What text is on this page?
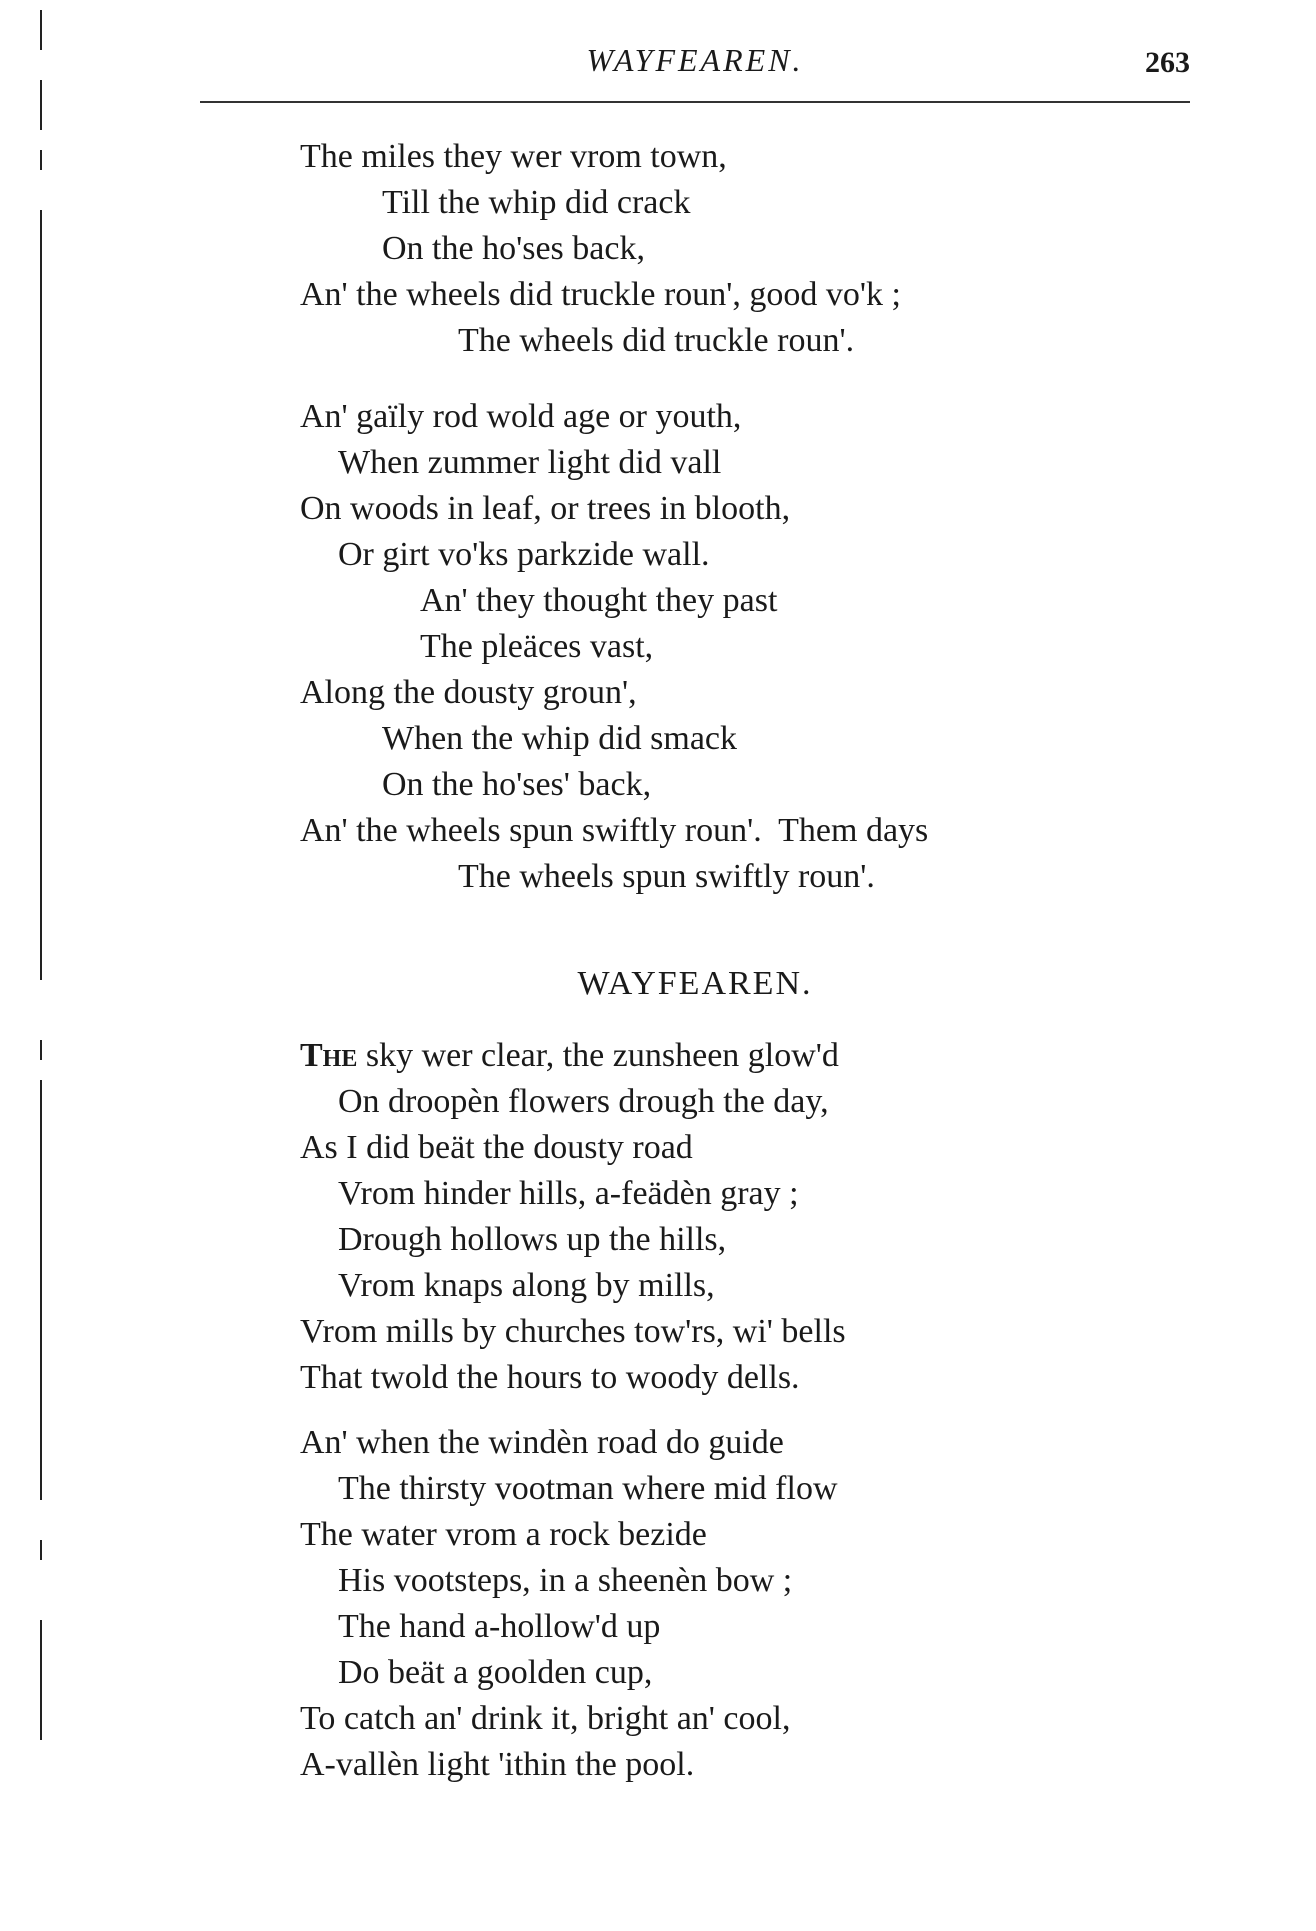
WAYFEAREN.	263
The miles they wer vrom town,
Till the whip did crack
On the ho'ses back,
An' the wheels did truckle roun', good vo'k ;
The wheels did truckle roun'.
An' gaïly rod wold age or youth,
When zummer light did vall
On woods in leaf, or trees in blooth,
Or girt vo'ks parkzide wall.
An' they thought they past
The pleäces vast,
Along the dousty groun',
When the whip did smack
On the ho'ses' back,
An' the wheels spun swiftly roun'.  Them days
The wheels spun swiftly roun'.
WAYFEAREN.
The sky wer clear, the zunsheen glow'd
On droopèn flowers drough the day,
As I did beät the dousty road
Vrom hinder hills, a-feädèn gray ;
Drough hollows up the hills,
Vrom knaps along by mills,
Vrom mills by churches tow'rs, wi' bells
That twold the hours to woody dells.
An' when the windèn road do guide
The thirsty vootman where mid flow
The water vrom a rock bezide
His vootsteps, in a sheenèn bow ;
The hand a-hollow'd up
Do beät a goolden cup,
To catch an' drink it, bright an' cool,
A-vallèn light 'ithin the pool.
